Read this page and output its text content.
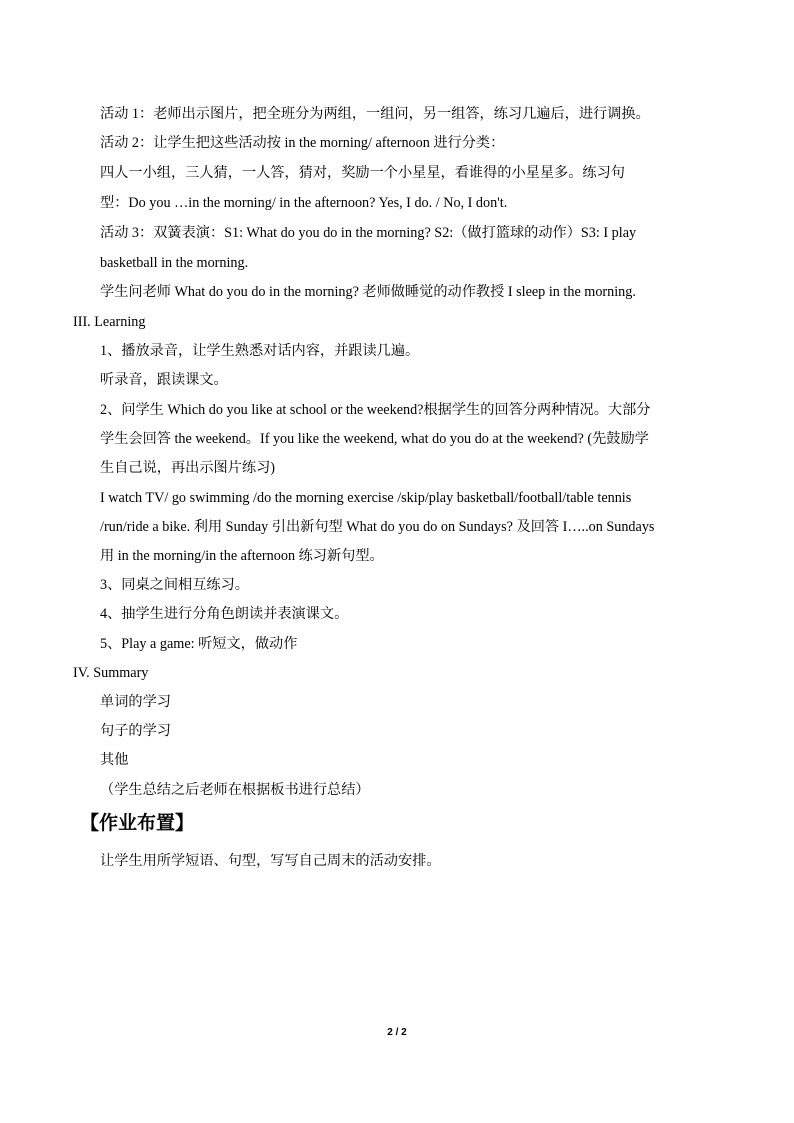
活动 1：老师出示图片，把全班分为两组，一组问，另一组答，练习几遍后，进行调换。
活动 2：让学生把这些活动按 in the morning/ afternoon 进行分类：
四人一小组，三人猜，一人答，猜对，奖励一个小星星，看谁得的小星星多。练习句
型：Do you …in the morning/ in the afternoon? Yes, I do. / No, I don't.
活动 3：双簧表演：S1: What do you do in the morning? S2:（做打篮球的动作）S3: I play
basketball in the morning.
学生问老师 What do you do in the morning? 老师做睡觉的动作教授 I sleep in the morning.
III. Learning
1、播放录音，让学生熟悉对话内容，并跟读几遍。
听录音，跟读课文。
2、问学生 Which do you like at school or the weekend?根据学生的回答分两种情况。大部分
学生会回答 the weekend。If you like the weekend, what do you do at the weekend? (先鼓励学
生自己说，再出示图片练习)
I watch TV/ go swimming /do the morning exercise /skip/play basketball/football/table tennis
/run/ride a bike. 利用 Sunday 引出新句型 What do you do on Sundays? 及回答 I…..on Sundays
用 in the morning/in the afternoon 练习新句型。
3、同桌之间相互练习。
4、抽学生进行分角色朗读并表演课文。
5、Play a game: 听短文，做动作
IV. Summary
单词的学习
句子的学习
其他
（学生总结之后老师在根据板书进行总结）
【作业布置】
让学生用所学短语、句型，写写自己周末的活动安排。
2 / 2
